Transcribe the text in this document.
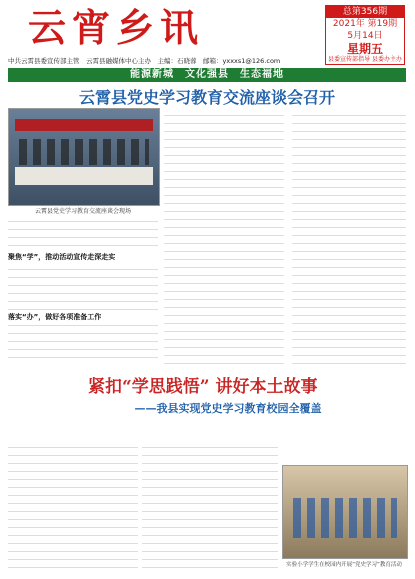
云宵乡讯	总第356期
2021年 第19期
5月14日
星期五
县委宣传部指导 县委办主办
中共云霄县委宣传部主管　云霄县融媒体中心主办　主编：石晓蓉　邮箱：yxxxs1@126.com
能源新城　文化强县　生态福地
云霄县党史学习教育交流座谈会召开
云霄县党史学习教育交流座谈会现场
聚焦“学”，推动活动宣传走深走实
落实“办”，做好各项准备工作
紧扣“学思践悟” 讲好本土故事
——我县实现党史学习教育校园全覆盖
实验小学学生在校园内开展“党史学习”教育活动
